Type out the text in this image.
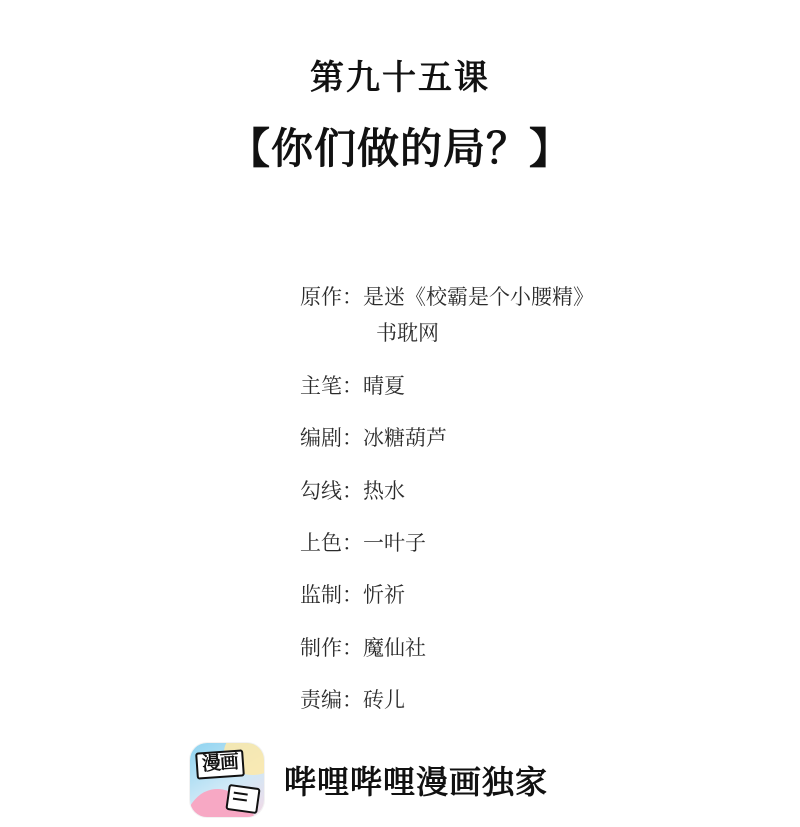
第九十五课
【你们做的局？】
原作： 是迷《校霸是个小腰精》
书耽网
主笔： 晴夏
编剧： 冰糖葫芦
勾线： 热水
上色： 一叶子
监制： 忻祈
制作： 魔仙社
责编： 砖儿
漫画
哔哩哔哩漫画独家
